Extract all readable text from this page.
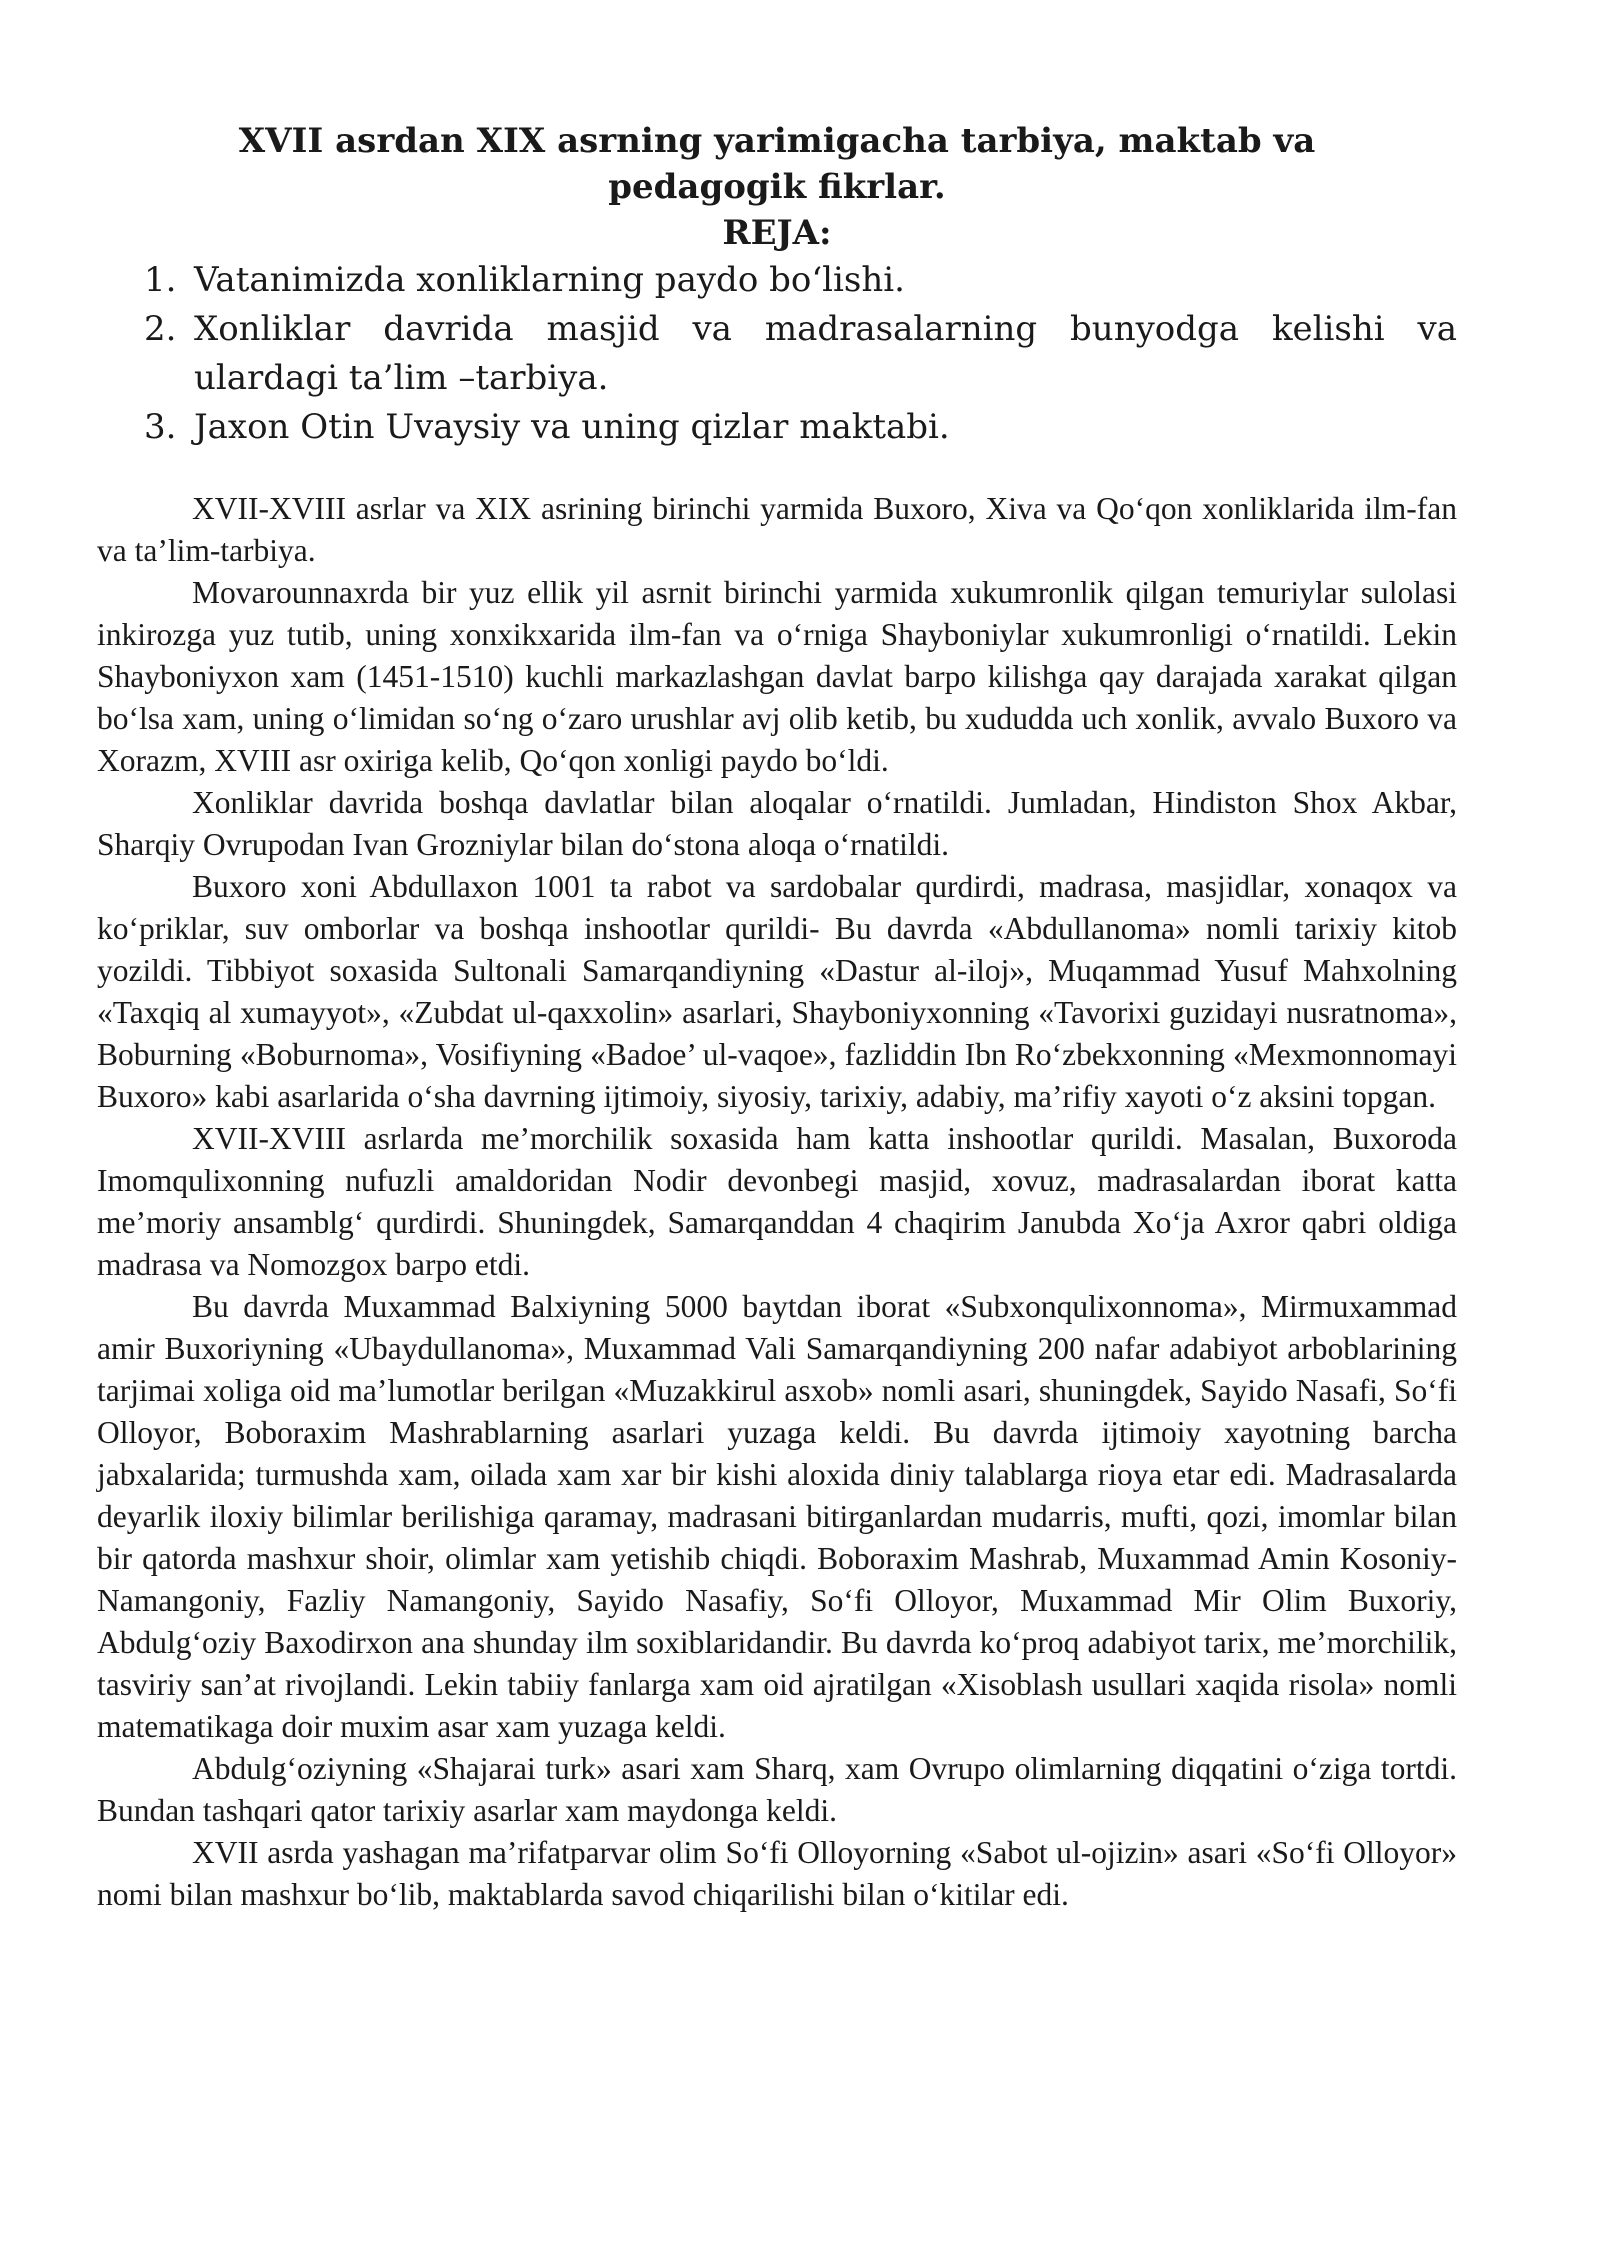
XVII asrdan XIX asrning yarimigacha tarbiya, maktab va pedagogik fikrlar.
REJA:
1. Vatanimizda xonliklarning paydo bo‘lishi.
2. Xonliklar davrida masjid va madrasalarning bunyodga kelishi va ulardagi ta’lim –tarbiya.
3. Jaxon Otin Uvaysiy va uning qizlar maktabi.

XVII-XVIII asrlar va XIX asrining birinchi yarmida Buxoro, Xiva va Qo‘qon xonliklarida ilm-fan va ta’lim-tarbiya.

Movarounnaxrda bir yuz ellik yil asrnit birinchi yarmida xukumronlik qilgan temuriylar sulolasi inkirozga yuz tutib, uning xonxikxarida ilm-fan va o‘rniga Shayboniylar xukumronligi o‘rnatildi. Lekin Shayboniyxon xam (1451-1510) kuchli markazlashgan davlat barpo kilishga qay darajada xarakat qilgan bo‘lsa xam, uning o‘limidan so‘ng o‘zaro urushlar avj olib ketib, bu xududda uch xonlik, avvalo Buxoro va Xorazm, XVIII asr oxiriga kelib, Qo‘qon xonligi paydo bo‘ldi.

Xonliklar davrida boshqa davlatlar bilan aloqalar o‘rnatildi. Jumladan, Hindiston Shox Akbar, Sharqiy Ovrupodan Ivan Grozniylar bilan do‘stona aloqa o‘rnatildi.

Buxoro xoni Abdullaxon 1001 ta rabot va sardobalar qurdirdi, madrasa, masjidlar, xonaqox va ko‘priklar, suv omborlar va boshqa inshootlar qurildi- Bu davrda «Abdullanoma» nomli tarixiy kitob yozildi. Tibbiyot soxasida Sultonali Samarqandiyning «Dastur al-iloj», Muqammad Yusuf Mahxolning «Taxqiq al xumayyot», «Zubdat ul-qaxxolin» asarlari, Shayboniyxonning «Tavorixi guzidayi nusratnoma», Boburning «Boburnoma», Vosifiyning «Badoe’ ul-vaqoe», fazliddin Ibn Ro‘zbekxonning «Mexmonnomayi Buxoro» kabi asarlarida o‘sha davrning ijtimoiy, siyosiy, tarixiy, adabiy, ma’rifiy xayoti o‘z aksini topgan.

XVII-XVIII asrlarda me’morchilik soxasida ham katta inshootlar qurildi. Masalan, Buxoroda Imomqulixonning nufuzli amaldoridan Nodir devonbegi masjid, xovuz, madrasalardan iborat katta me’moriy ansamblg‘ qurdirdi. Shuningdek, Samarqanddan 4 chaqirim Janubda Xo‘ja Axror qabri oldiga madrasa va Nomozgox barpo etdi.

Bu davrda Muxammad Balxiyning 5000 baytdan iborat «Subxonqulixonnoma», Mirmuxammad amir Buxoriyning «Ubaydullanoma», Muxammad Vali Samarqandiyning 200 nafar adabiyot arboblarining tarjimai xoliga oid ma’lumotlar berilgan «Muzakkirul asxob» nomli asari, shuningdek, Sayido Nasafi, So‘fi Olloyor, Boboraxim Mashrablarning asarlari yuzaga keldi. Bu davrda ijtimoiy xayotning barcha jabxalarida; turmushda xam, oilada xam xar bir kishi aloxida diniy talablarga rioya etar edi. Madrasalarda deyarlik iloxiy bilimlar berilishiga qaramay, madrasani bitirganlardan mudarris, mufti, qozi, imomlar bilan bir qatorda mashxur shoir, olimlar xam yetishib chiqdi. Boboraxim Mashrab, Muxammad Amin Kosoniy-Namangoniy, Fazliy Namangoniy, Sayido Nasafiy, So‘fi Olloyor, Muxammad Mir Olim Buxoriy, Abdulg‘oziy Baxodirxon ana shunday ilm soxiblaridandir. Bu davrda ko‘proq adabiyot tarix, me’morchilik, tasviriy san’at rivojlandi. Lekin tabiiy fanlarga xam oid ajratilgan «Xisoblash usullari xaqida risola» nomli matematikaga doir muxim asar xam yuzaga keldi.

Abdulg‘oziyning «Shajarai turk» asari xam Sharq, xam Ovrupo olimlarning diqqatini o‘ziga tortdi. Bundan tashqari qator tarixiy asarlar xam maydonga keldi.

XVII asrda yashagan ma’rifatparvar olim So‘fi Olloyorning «Sabot ul-ojizin» asari «So‘fi Olloyor» nomi bilan mashxur bo‘lib, maktablarda savod chiqarilishi bilan o‘kitilar edi.
